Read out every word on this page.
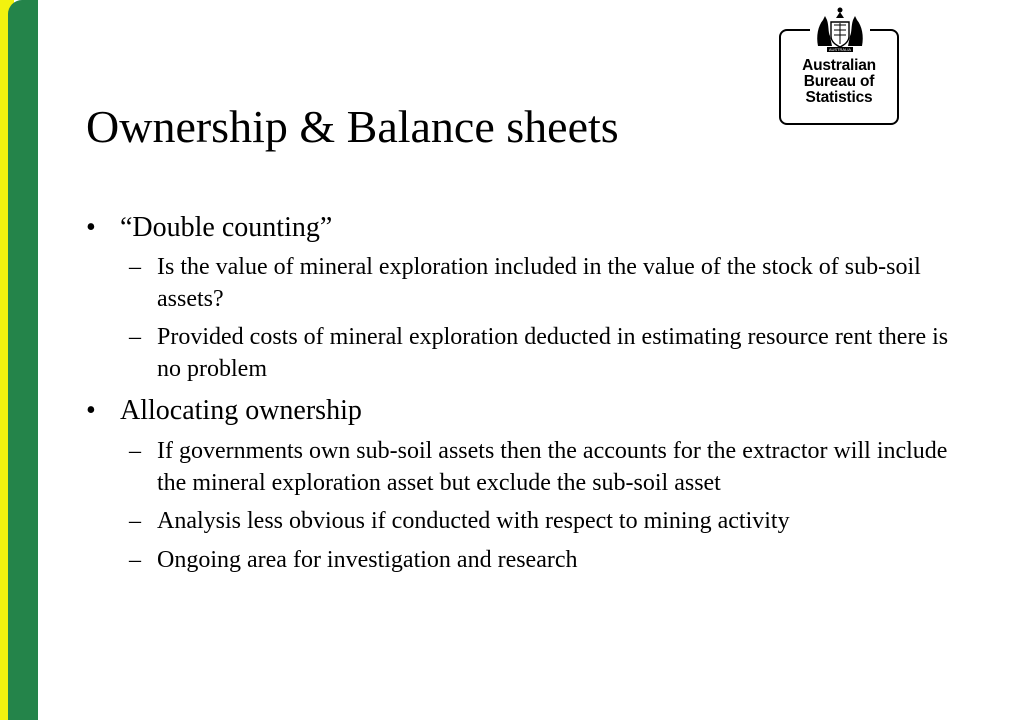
Australian
Bureau of
Statistics
AUSTRALIA
Ownership & Balance sheets
• “Double counting”
– Is the value of mineral exploration included in the value of the stock of sub-soil assets?
– Provided costs of mineral exploration deducted in estimating resource rent there is no problem
• Allocating ownership
– If governments own sub-soil assets then the accounts for the extractor will include the mineral exploration asset but exclude the sub-soil asset
– Analysis less obvious if conducted with respect to mining activity
– Ongoing area for investigation and research
